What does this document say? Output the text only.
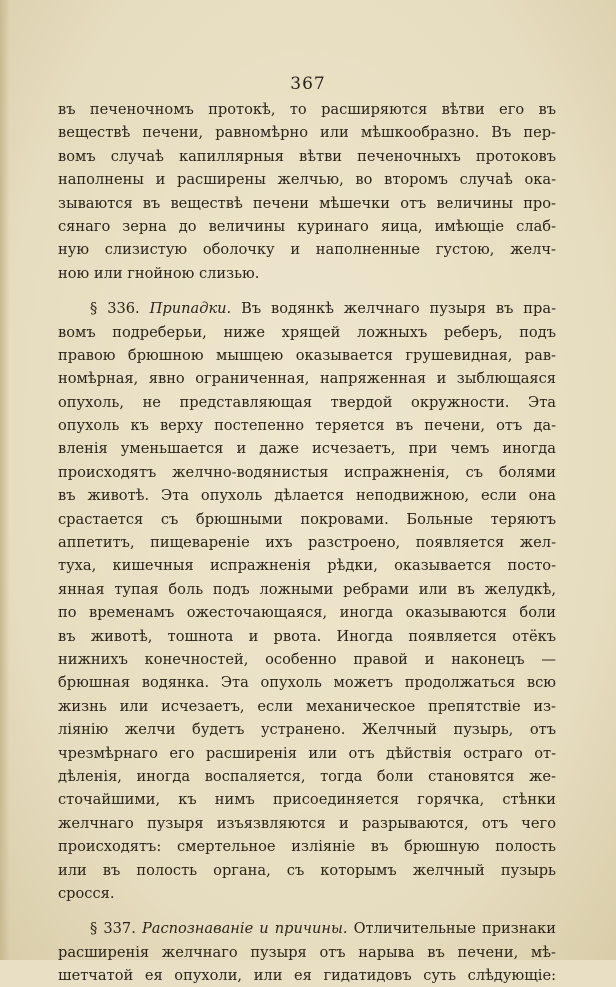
367
въ печеночномъ протокѣ, то расширяются вѣтви его въ
веществѣ печени, равномѣрно или мѣшкообразно. Въ пер-
вомъ случаѣ капиллярныя вѣтви печеночныхъ протоковъ
наполнены и расширены желчью, во второмъ случаѣ ока-
зываются въ веществѣ печени мѣшечки отъ величины про-
сянаго зерна до величины куринаго яица, имѣющіе слаб-
ную слизистую оболочку и наполненные густою, желч-
ною или гнойною слизью.
§ 336. Припадки. Въ водянкѣ желчнаго пузыря въ пра-
вомъ подреберьи, ниже хрящей ложныхъ реберъ, подъ
правою брюшною мышцею оказывается грушевидная, рав-
номѣрная, явно ограниченная, напряженная и зыблющаяся
опухоль, не представляющая твердой окружности. Эта
опухоль къ верху постепенно теряется въ печени, отъ да-
вленія уменьшается и даже исчезаетъ, при чемъ иногда
происходятъ желчно-водянистыя испражненія, съ болями
въ животѣ. Эта опухоль дѣлается неподвижною, если она
срастается съ брюшными покровами. Больные теряютъ
аппетитъ, пищевареніе ихъ разстроено, появляется жел-
туха, кишечныя испражненія рѣдки, оказывается посто-
янная тупая боль подъ ложными ребрами или въ желудкѣ,
по временамъ ожесточающаяся, иногда оказываются боли
въ животѣ, тошнота и рвота. Иногда появляется отёкъ
нижнихъ конечностей, особенно правой и наконецъ —
брюшная водянка. Эта опухоль можетъ продолжаться всю
жизнь или исчезаетъ, если механическое препятствіе из-
ліянію желчи будетъ устранено. Желчный пузырь, отъ
чрезмѣрнаго его расширенія или отъ дѣйствія остраго от-
дѣленія, иногда воспаляется, тогда боли становятся же-
сточайшими, къ нимъ присоединяется горячка, стѣнки
желчнаго пузыря изъязвляются и разрываются, отъ чего
происходятъ: смертельное изліяніе въ брюшную полость
или въ полость органа, съ которымъ желчный пузырь
сросся.
§ 337. Распознаваніе и причины. Отличительные признаки
расширенія желчнаго пузыря отъ нарыва въ печени, мѣ-
шетчатой ея опухоли, или ея гидатидовъ суть слѣдующіе:
